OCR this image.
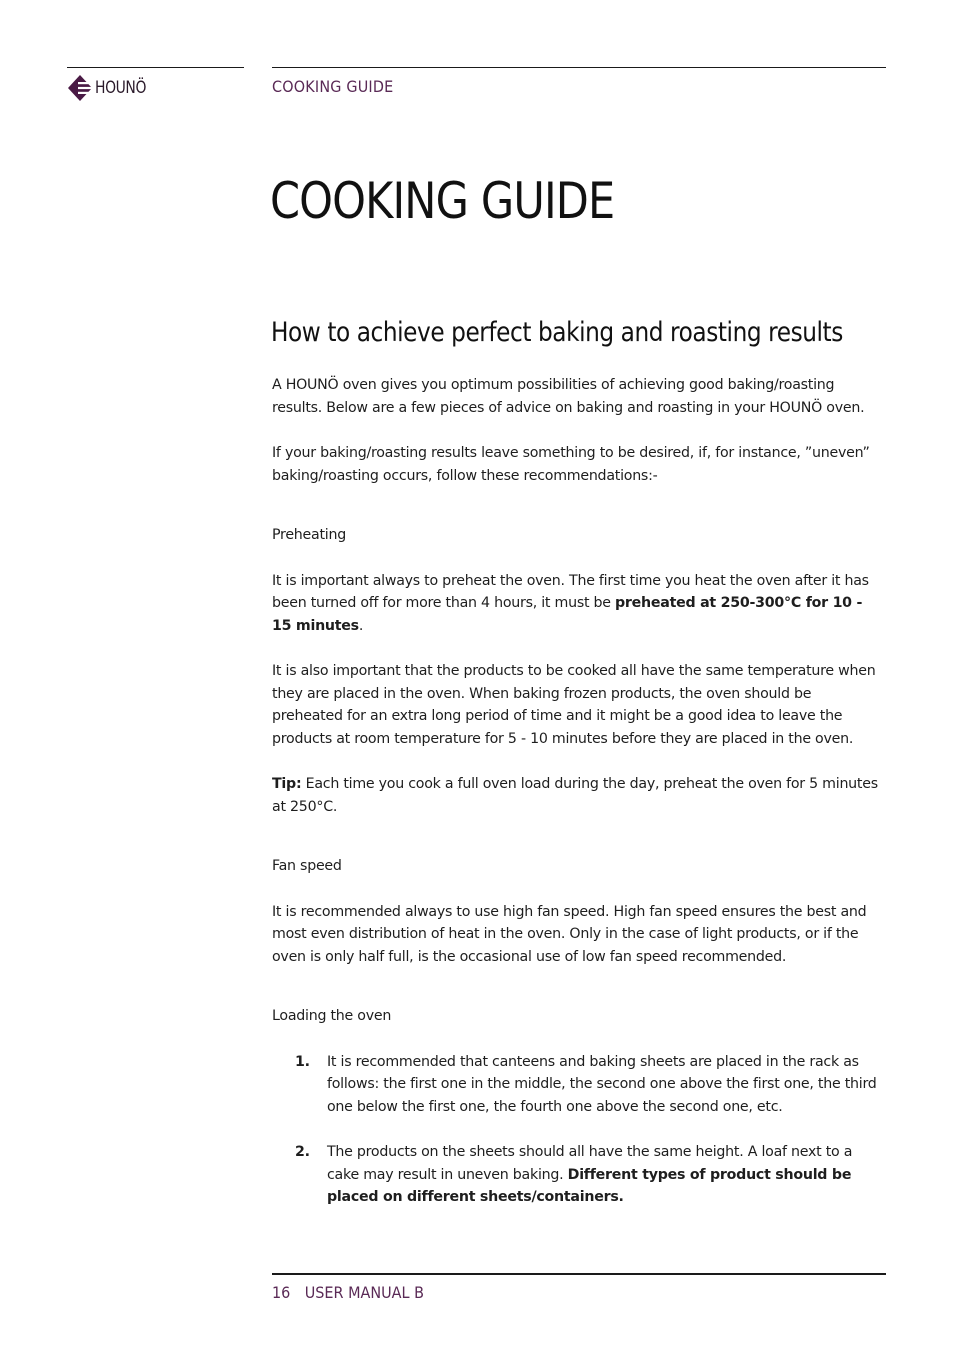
HOUNÖ	COOKING GUIDE
COOKING GUIDE
How to achieve perfect baking and roasting results

A HOUNÖ oven gives you optimum possibilities of achieving good baking/roasting results. Below are a few pieces of advice on baking and roasting in your HOUNÖ oven.

If your baking/roasting results leave something to be desired, if, for instance, ”uneven” baking/roasting occurs, follow these recommendations:-

Preheating

It is important always to preheat the oven. The first time you heat the oven after it has been turned off for more than 4 hours, it must be preheated at 250-300°C for 10 - 15 minutes.

It is also important that the products to be cooked all have the same temperature when they are placed in the oven. When baking frozen products, the oven should be preheated for an extra long period of time and it might be a good idea to leave the products at room temperature for 5 - 10 minutes before they are placed in the oven.

Tip: Each time you cook a full oven load during the day, preheat the oven for 5 minutes at 250°C.

Fan speed

It is recommended always to use high fan speed. High fan speed ensures the best and most even distribution of heat in the oven. Only in the case of light products, or if the oven is only half full, is the occasional use of low fan speed recommended.

Loading the oven

1. It is recommended that canteens and baking sheets are placed in the rack as follows: the first one in the middle, the second one above the first one, the third one below the first one, the fourth one above the second one, etc.
2. The products on the sheets should all have the same height. A loaf next to a cake may result in uneven baking. Different types of product should be placed on different sheets/containers.
16 USER MANUAL B
